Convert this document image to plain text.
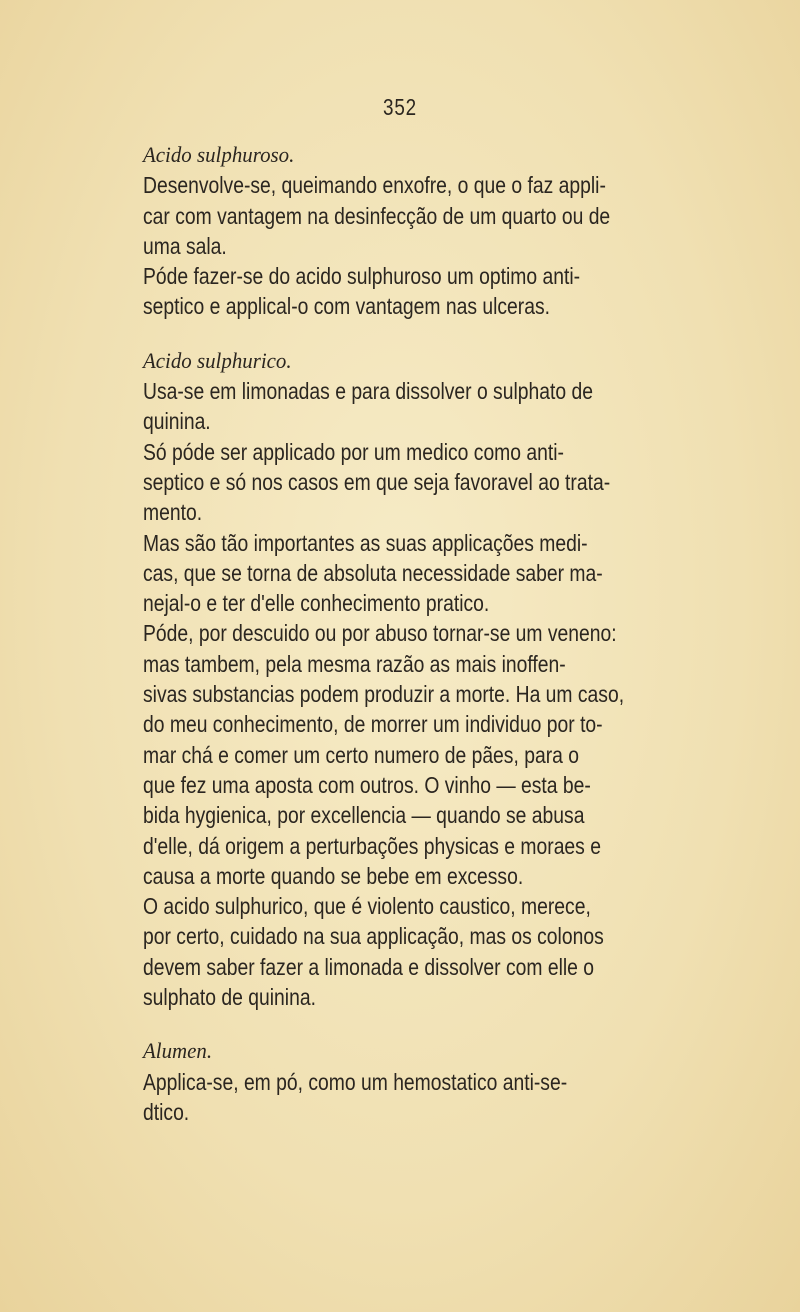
352
Acido sulphuroso.
Desenvolve-se, queimando enxofre, o que o faz appli-
car com vantagem na desinfecção de um quarto ou de
uma sala.
Póde fazer-se do acido sulphuroso um optimo anti-
septico e applical-o com vantagem nas ulceras.
Acido sulphurico.
Usa-se em limonadas e para dissolver o sulphato de
quinina.
Só póde ser applicado por um medico como anti-
septico e só nos casos em que seja favoravel ao trata-
mento.
Mas são tão importantes as suas applicações medi-
cas, que se torna de absoluta necessidade saber ma-
nejal-o e ter d'elle conhecimento pratico.
Póde, por descuido ou por abuso tornar-se um veneno:
mas tambem, pela mesma razão as mais inoffen-
sivas substancias podem produzir a morte. Ha um caso,
do meu conhecimento, de morrer um individuo por to-
mar chá e comer um certo numero de pães, para o
que fez uma aposta com outros. O vinho — esta be-
bida hygienica, por excellencia — quando se abusa
d'elle, dá origem a perturbações physicas e moraes e
causa a morte quando se bebe em excesso.
O acido sulphurico, que é violento caustico, merece,
por certo, cuidado na sua applicação, mas os colonos
devem saber fazer a limonada e dissolver com elle o
sulphato de quinina.
Alumen.
Applica-se, em pó, como um hemostatico anti-se-
dtico.
